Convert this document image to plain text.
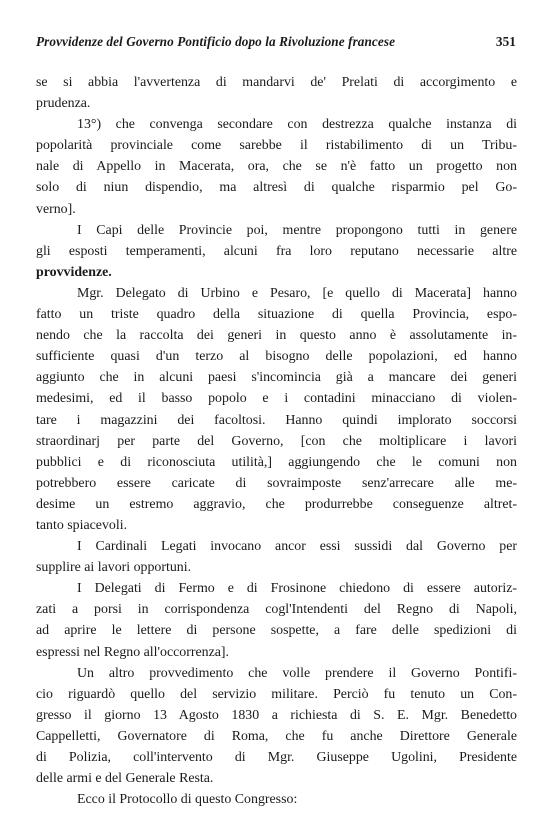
Provvidenze del Governo Pontificio dopo la Rivoluzione francese	351
se si abbia l'avvertenza di mandarvi de' Prelati di accorgimento e
prudenza.
13°) che convenga secondare con destrezza qualche instanza di
popolarità provinciale come sarebbe il ristabilimento di un Tribu-
nale di Appello in Macerata, ora, che se n'è fatto un progetto non
solo di niun dispendio, ma altresì di qualche risparmio pel Go-
verno].
I Capi delle Provincie poi, mentre propongono tutti in genere
gli esposti temperamenti, alcuni fra loro reputano necessarie altre
provvidenze.
Mgr. Delegato di Urbino e Pesaro, [e quello di Macerata] hanno
fatto un triste quadro della situazione di quella Provincia, espo-
nendo che la raccolta dei generi in questo anno è assolutamente in-
sufficiente quasi d'un terzo al bisogno delle popolazioni, ed hanno
aggiunto che in alcuni paesi s'incomincia già a mancare dei generi
medesimi, ed il basso popolo e i contadini minacciano di violen-
tare i magazzini dei facoltosi. Hanno quindi implorato soccorsi
straordinarj per parte del Governo, [con che moltiplicare i lavori
pubblici e di riconosciuta utilità,] aggiungendo che le comuni non
potrebbero essere caricate di sovraimposte senz'arrecare alle me-
desime un estremo aggravio, che produrrebbe conseguenze altret-
tanto spiacevoli.
I Cardinali Legati invocano ancor essi sussidi dal Governo per
supplire ai lavori opportuni.
I Delegati di Fermo e di Frosinone chiedono di essere autoriz-
zati a porsi in corrispondenza cogl'Intendenti del Regno di Napoli,
ad aprire le lettere di persone sospette, a fare delle spedizioni di
espressi nel Regno all'occorrenza].
Un altro provvedimento che volle prendere il Governo Pontifi-
cio riguardò quello del servizio militare. Perciò fu tenuto un Con-
gresso il giorno 13 Agosto 1830 a richiesta di S. E. Mgr. Benedetto
Cappelletti, Governatore di Roma, che fu anche Direttore Generale
di Polizia, coll'intervento di Mgr. Giuseppe Ugolini, Presidente
delle armi e del Generale Resta.
Ecco il Protocollo di questo Congresso:
